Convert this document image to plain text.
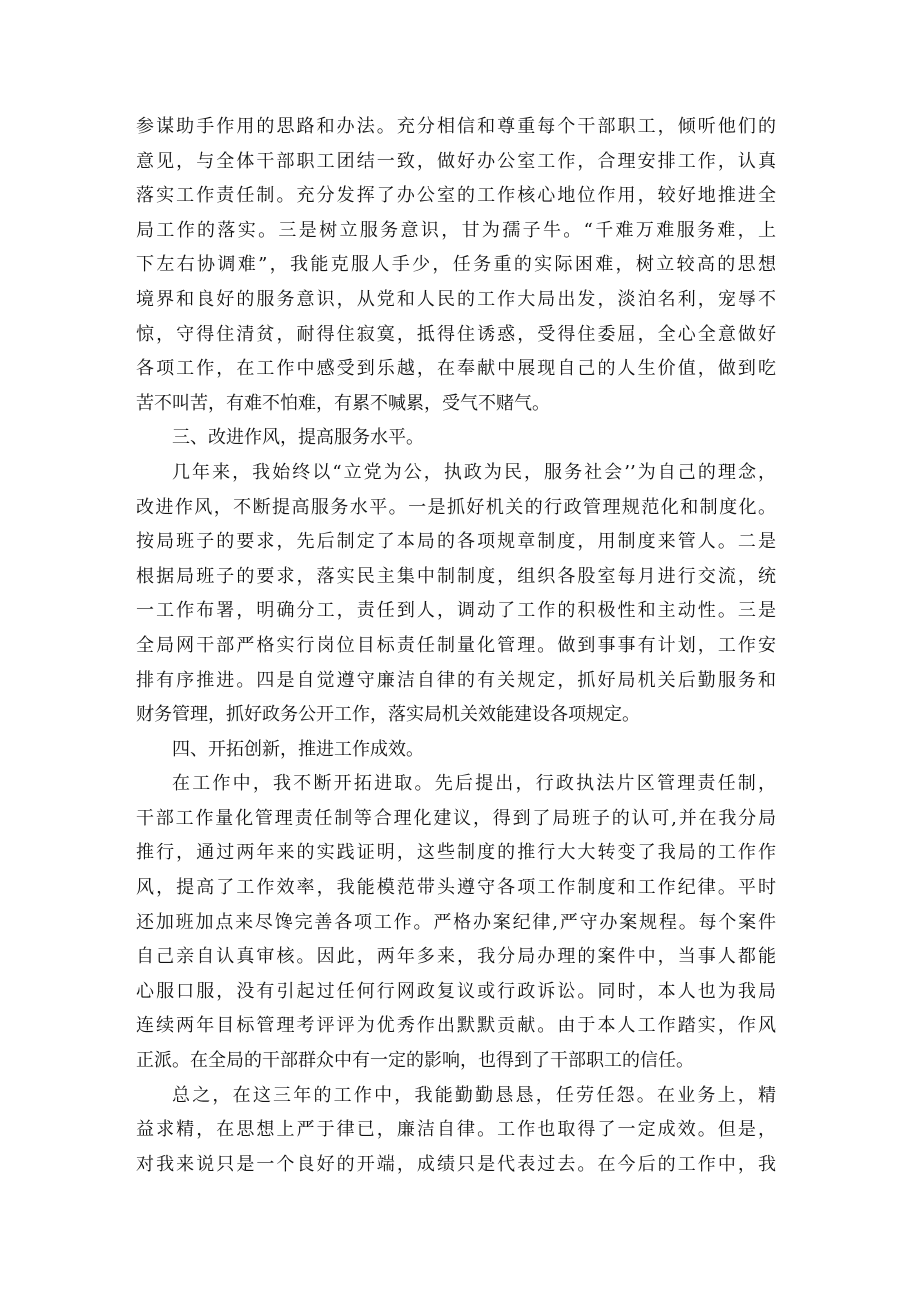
参谋助手作用的思路和办法。充分相信和尊重每个干部职工，倾听他们的
意见，与全体干部职工团结一致，做好办公室工作，合理安排工作，认真
落实工作责任制。充分发挥了办公室的工作核心地位作用，较好地推进全
局工作的落实。三是树立服务意识，甘为孺子牛。“千难万难服务难，上
下左右协调难”，我能克服人手少，任务重的实际困难，树立较高的思想
境界和良好的服务意识，从党和人民的工作大局出发，淡泊名利，宠辱不
惊，守得住清贫，耐得住寂寞，抵得住诱惑，受得住委屈，全心全意做好
各项工作，在工作中感受到乐越，在奉献中展现自己的人生价值，做到吃
苦不叫苦，有难不怕难，有累不喊累，受气不赌气。
三、改进作风，提高服务水平。
几年来，我始终以“立党为公，执政为民，服务社会’’为自己的理念，
改进作风，不断提高服务水平。一是抓好机关的行政管理规范化和制度化。
按局班子的要求，先后制定了本局的各项规章制度，用制度来管人。二是
根据局班子的要求，落实民主集中制制度，组织各股室每月进行交流，统
一工作布署，明确分工，责任到人，调动了工作的积极性和主动性。三是
全局网干部严格实行岗位目标责任制量化管理。做到事事有计划，工作安
排有序推进。四是自觉遵守廉洁自律的有关规定，抓好局机关后勤服务和
财务管理，抓好政务公开工作，落实局机关效能建设各项规定。
四、开拓创新，推进工作成效。
在工作中，我不断开拓进取。先后提出，行政执法片区管理责任制，
干部工作量化管理责任制等合理化建议，得到了局班子的认可,并在我分局
推行，通过两年来的实践证明，这些制度的推行大大转变了我局的工作作
风，提高了工作效率，我能模范带头遵守各项工作制度和工作纪律。平时
还加班加点来尽馋完善各项工作。严格办案纪律,严守办案规程。每个案件
自己亲自认真审核。因此，两年多来，我分局办理的案件中，当事人都能
心服口服，没有引起过任何行网政复议或行政诉讼。同时，本人也为我局
连续两年目标管理考评评为优秀作出默默贡献。由于本人工作踏实，作风
正派。在全局的干部群众中有一定的影响，也得到了干部职工的信任。
总之，在这三年的工作中，我能勤勤恳恳，任劳任怨。在业务上，精
益求精，在思想上严于律已，廉洁自律。工作也取得了一定成效。但是，
对我来说只是一个良好的开端，成绩只是代表过去。在今后的工作中，我
